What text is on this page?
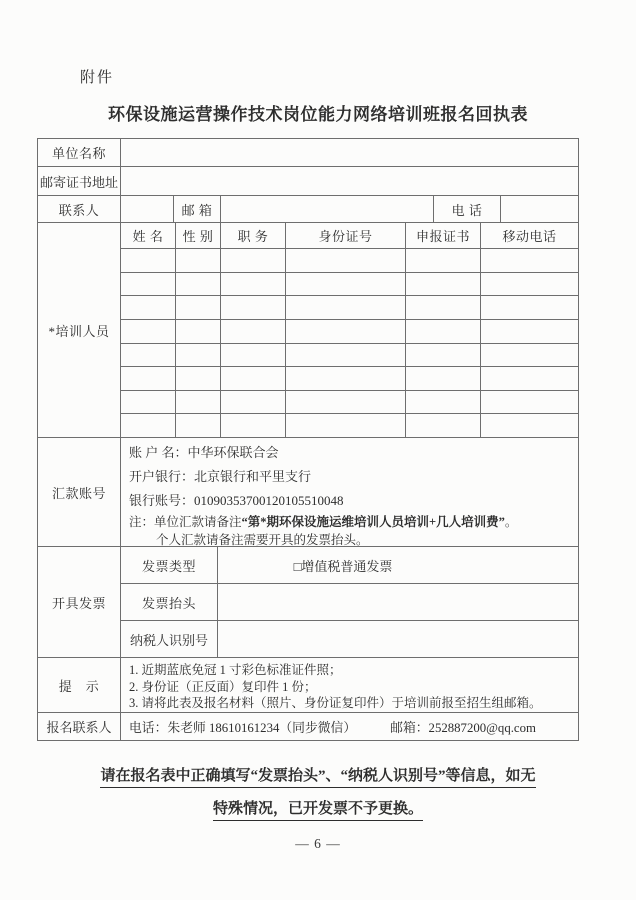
附件
环保设施运营操作技术岗位能力网络培训班报名回执表
单位名称
邮寄证书地址
联系人	邮 箱	电 话
*培训人员
姓 名	性 别	职 务	身份证号	申报证书	移动电话
汇款账号
账 户 名：中华环保联合会
开户银行：北京银行和平里支行
银行账号：01090353700120105510048
注：单位汇款请备注“第*期环保设施运维培训人员培训+几人培训费”。
个人汇款请备注需要开具的发票抬头。
开具发票
发票类型	□增值税普通发票
发票抬头
纳税人识别号
提　示
1. 近期蓝底免冠 1 寸彩色标准证件照；
2. 身份证（正反面）复印件 1 份；
3. 请将此表及报名材料（照片、身份证复印件）于培训前报至招生组邮箱。
报名联系人	电话：朱老师 18610161234（同步微信）	邮箱：252887200@qq.com
请在报名表中正确填写“发票抬头”、“纳税人识别号”等信息，如无
特殊情况，已开发票不予更换。
— 6 —
